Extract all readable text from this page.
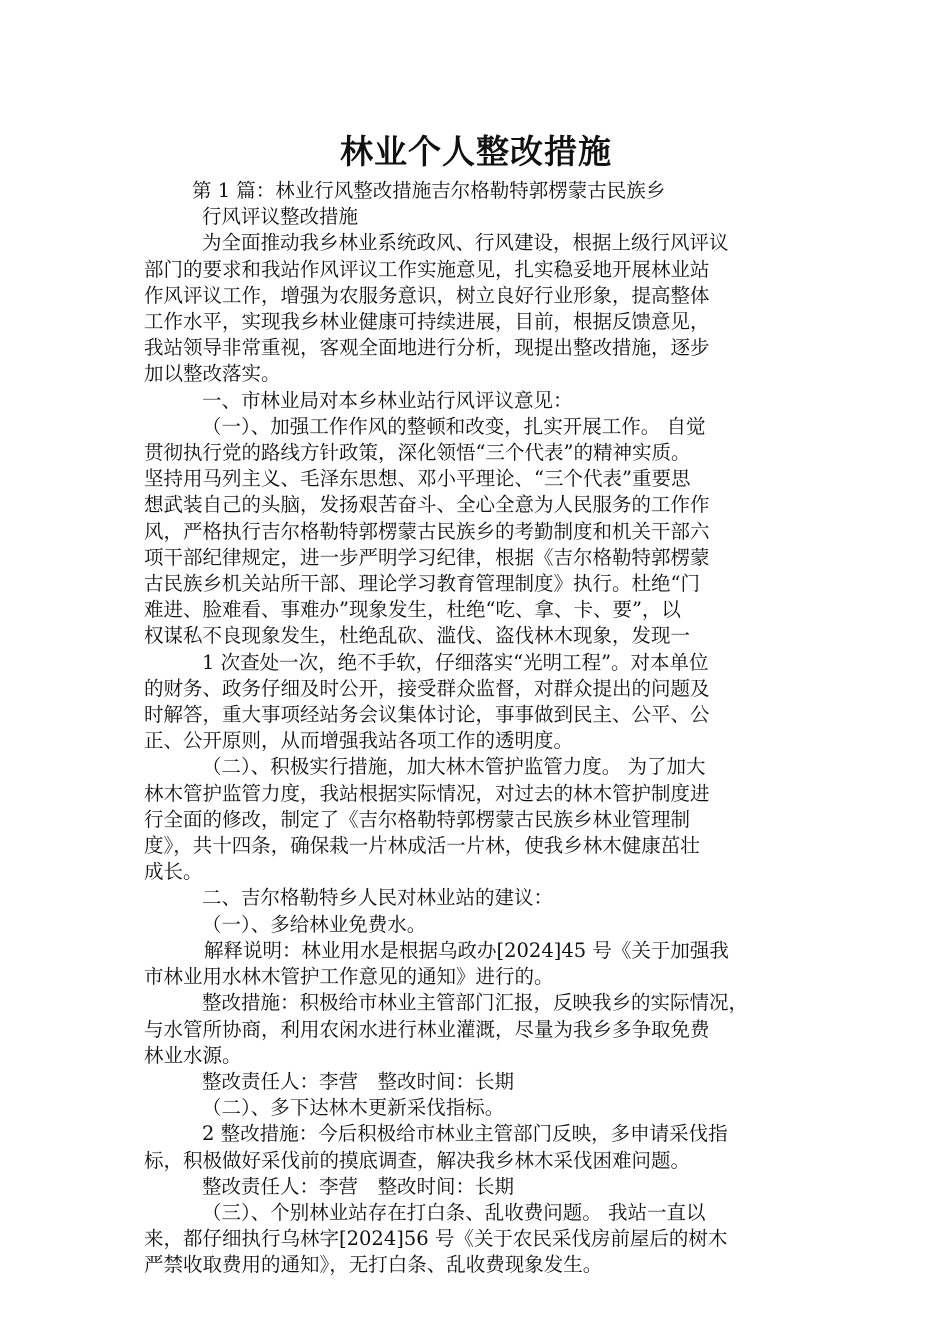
林业个人整改措施

第 1 篇：林业行风整改措施吉尔格勒特郭楞蒙古民族乡

行风评议整改措施

为全面推动我乡林业系统政风、行风建设，根据上级行风评议

部门的要求和我站作风评议工作实施意见，扎实稳妥地开展林业站

作风评议工作，增强为农服务意识，树立良好行业形象，提高整体

工作水平，实现我乡林业健康可持续进展，目前，根据反馈意见，

我站领导非常重视，客观全面地进行分析，现提出整改措施，逐步

加以整改落实。

一、市林业局对本乡林业站行风评议意见：

（一）、加强工作作风的整顿和改变，扎实开展工作。 自觉

贯彻执行党的路线方针政策，深化领悟“三个代表”的精神实质。

坚持用马列主义、毛泽东思想、邓小平理论、“三个代表”重要思

想武装自己的头脑，发扬艰苦奋斗、全心全意为人民服务的工作作

风，严格执行吉尔格勒特郭楞蒙古民族乡的考勤制度和机关干部六

项干部纪律规定，进一步严明学习纪律，根据《吉尔格勒特郭楞蒙

古民族乡机关站所干部、理论学习教育管理制度》执行。杜绝“门

难进、脸难看、事难办”现象发生，杜绝“吃、拿、卡、要”，以

权谋私不良现象发生，杜绝乱砍、滥伐、盗伐林木现象，发现一

1 次查处一次，绝不手软，仔细落实“光明工程”。对本单位

的财务、政务仔细及时公开，接受群众监督，对群众提出的问题及

时解答，重大事项经站务会议集体讨论，事事做到民主、公平、公

正、公开原则，从而增强我站各项工作的透明度。

（二）、积极实行措施，加大林木管护监管力度。 为了加大

林木管护监管力度，我站根据实际情况，对过去的林木管护制度进

行全面的修改，制定了《吉尔格勒特郭楞蒙古民族乡林业管理制

度》，共十四条，确保栽一片林成活一片林，使我乡林木健康茁壮

成长。

二、吉尔格勒特乡人民对林业站的建议：

（一）、多给林业免费水。

解释说明：林业用水是根据乌政办[2024]45 号《关于加强我

市林业用水林木管护工作意见的通知》进行的。

整改措施：积极给市林业主管部门汇报，反映我乡的实际情况，

与水管所协商，利用农闲水进行林业灌溉，尽量为我乡多争取免费

林业水源。

整改责任人：李营　整改时间：长期

（二）、多下达林木更新采伐指标。

2 整改措施：今后积极给市林业主管部门反映，多申请采伐指

标，积极做好采伐前的摸底调查，解决我乡林木采伐困难问题。

整改责任人：李营　整改时间：长期

（三）、个别林业站存在打白条、乱收费问题。 我站一直以

来，都仔细执行乌林字[2024]56 号《关于农民采伐房前屋后的树木

严禁收取费用的通知》，无打白条、乱收费现象发生。
